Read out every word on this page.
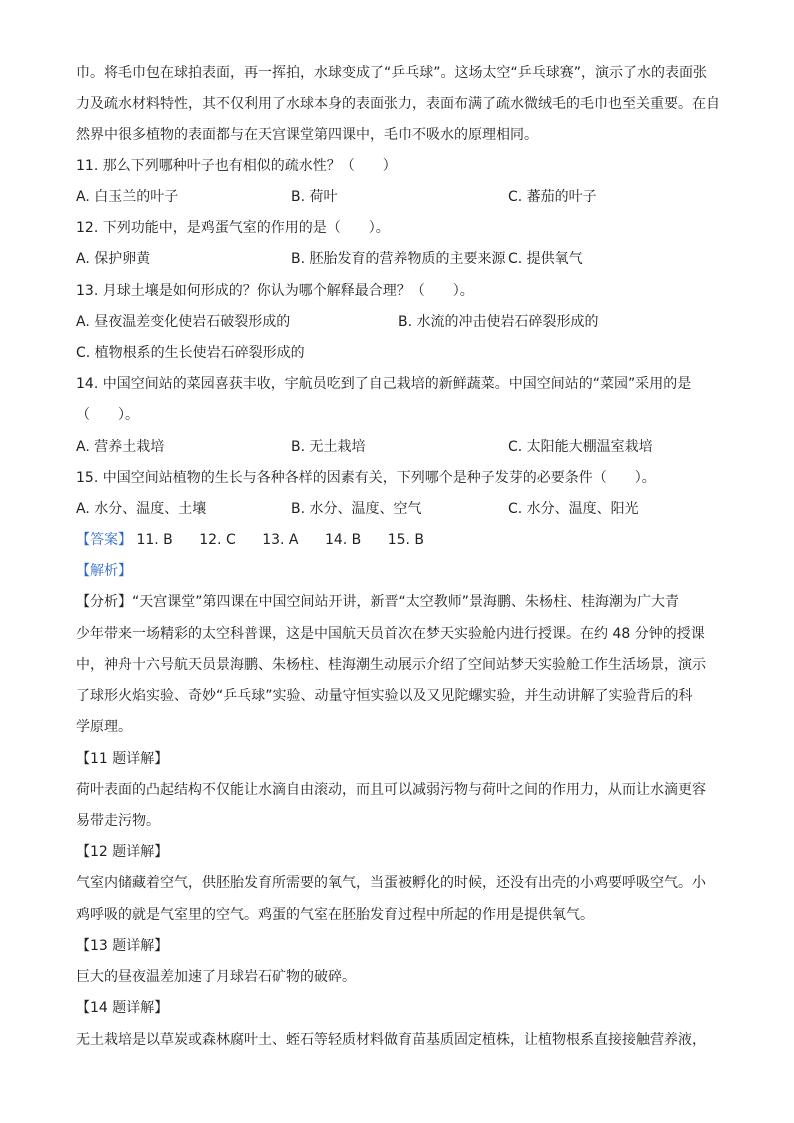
巾。将毛巾包在球拍表面，再一挥拍，水球变成了“乒乓球”。这场太空“乒乓球赛”，演示了水的表面张
力及疏水材料特性，其不仅利用了水球本身的表面张力，表面布满了疏水微绒毛的毛巾也至关重要。在自
然界中很多植物的表面都与在天宫课堂第四课中，毛巾不吸水的原理相同。
11. 那么下列哪种叶子也有相似的疏水性？（　　）
A. 白玉兰的叶子	B. 荷叶	C. 蕃茄的叶子
12. 下列功能中，是鸡蛋气室的作用的是（　　）。
A. 保护卵黄	B. 胚胎发育的营养物质的主要来源 C. 提供氧气
13. 月球土壤是如何形成的？你认为哪个解释最合理？（　　）。
A. 昼夜温差变化使岩石破裂形成的	B. 水流的冲击使岩石碎裂形成的
C. 植物根系的生长使岩石碎裂形成的
14. 中国空间站的菜园喜获丰收，宇航员吃到了自己栽培的新鲜蔬菜。中国空间站的“菜园”采用的是
（　　）。
A. 营养土栽培	B. 无土栽培	C. 太阳能大棚温室栽培
15. 中国空间站植物的生长与各种各样的因素有关，下列哪个是种子发芽的必要条件（　　）。
A. 水分、温度、土壤	B. 水分、温度、空气	C. 水分、温度、阳光
【答案】 11. B 12. C 13. A 14. B 15. B
【解析】
【分析】“天宫课堂”第四课在中国空间站开讲，新晋“太空教师”景海鹏、朱杨柱、桂海潮为广大青
少年带来一场精彩的太空科普课，这是中国航天员首次在梦天实验舱内进行授课。在约 48 分钟的授课
中，神舟十六号航天员景海鹏、朱杨柱、桂海潮生动展示介绍了空间站梦天实验舱工作生活场景，演示
了球形火焰实验、奇妙“乒乓球”实验、动量守恒实验以及又见陀螺实验，并生动讲解了实验背后的科
学原理。
【11 题详解】
荷叶表面的凸起结构不仅能让水滴自由滚动，而且可以减弱污物与荷叶之间的作用力，从而让水滴更容
易带走污物。
【12 题详解】
气室内储藏着空气，供胚胎发育所需要的氧气，当蛋被孵化的时候，还没有出壳的小鸡要呼吸空气。小
鸡呼吸的就是气室里的空气。鸡蛋的气室在胚胎发育过程中所起的作用是提供氧气。
【13 题详解】
巨大的昼夜温差加速了月球岩石矿物的破碎。
【14 题详解】
无土栽培是以草炭或森林腐叶土、蛭石等轻质材料做育苗基质固定植株，让植物根系直接接触营养液，
